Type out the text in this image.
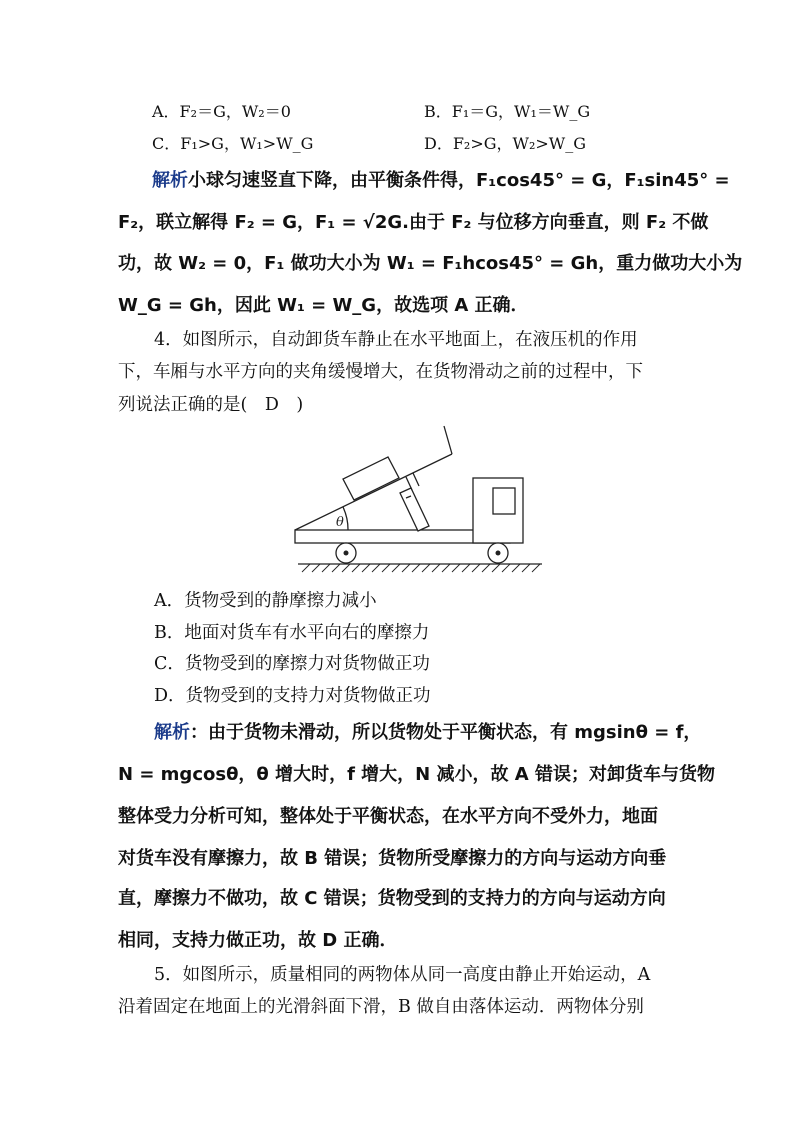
A．F₂＝G，W₂＝0	B．F₁＝G，W₁＝W_G
C．F₁>G，W₁>W_G	D．F₂>G，W₂>W_G
解析小球匀速竖直下降，由平衡条件得，F₁cos45° = G，F₁sin45° =
F₂，联立解得 F₂ = G，F₁ = √2G.由于 F₂ 与位移方向垂直，则 F₂ 不做
功，故 W₂ = 0，F₁ 做功大小为 W₁ = F₁hcos45° = Gh，重力做功大小为
W_G = Gh，因此 W₁ = W_G，故选项 A 正确．
4．如图所示，自动卸货车静止在水平地面上，在液压机的作用
下，车厢与水平方向的夹角缓慢增大，在货物滑动之前的过程中，下
列说法正确的是(　D　)
θ
A．货物受到的静摩擦力减小
B．地面对货车有水平向右的摩擦力
C．货物受到的摩擦力对货物做正功
D．货物受到的支持力对货物做正功
解析：由于货物未滑动，所以货物处于平衡状态，有 mgsinθ = f，
N = mgcosθ，θ 增大时，f 增大，N 减小，故 A 错误；对卸货车与货物
整体受力分析可知，整体处于平衡状态，在水平方向不受外力，地面
对货车没有摩擦力，故 B 错误；货物所受摩擦力的方向与运动方向垂
直，摩擦力不做功，故 C 错误；货物受到的支持力的方向与运动方向
相同，支持力做正功，故 D 正确．
5．如图所示，质量相同的两物体从同一高度由静止开始运动，A
沿着固定在地面上的光滑斜面下滑，B 做自由落体运动．两物体分别
